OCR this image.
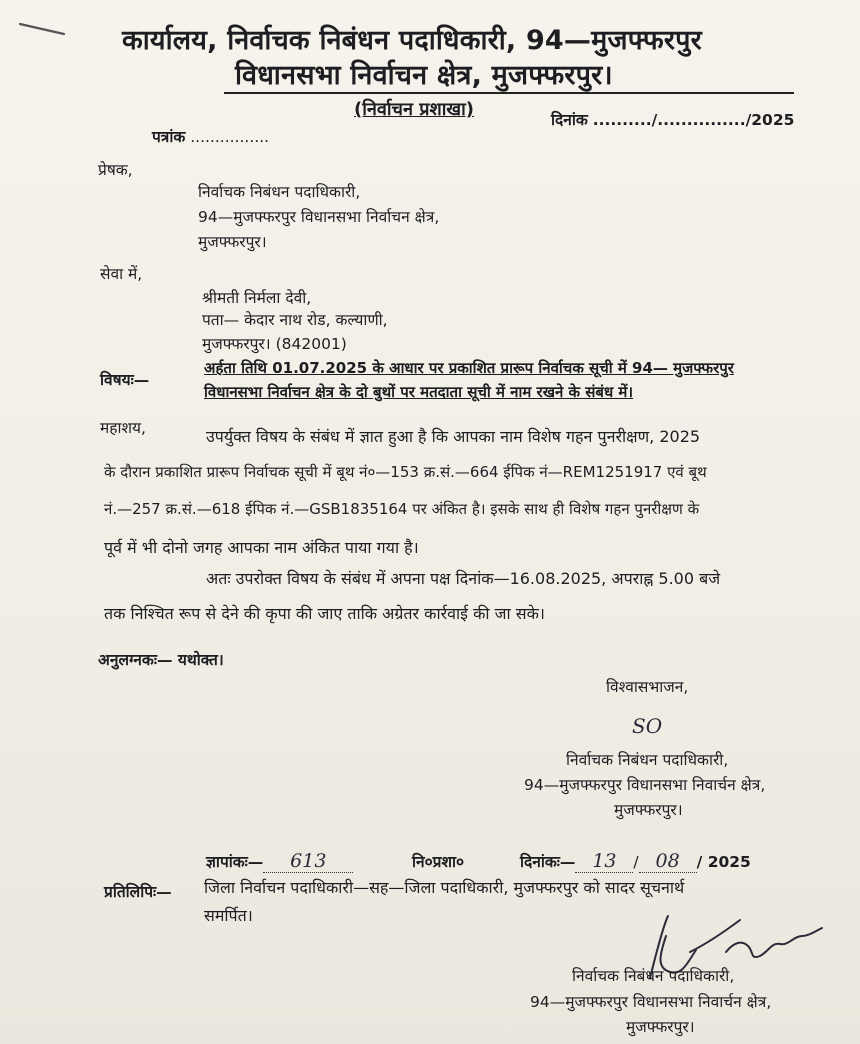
कार्यालय, निर्वाचक निबंधन पदाधिकारी, 94—मुजफ्फरपुर
विधानसभा निर्वाचन क्षेत्र, मुजफ्फरपुर।
(निर्वाचन प्रशाखा)
पत्रांक ................
दिनांक ........../.............../2025
प्रेषक,
निर्वाचक निबंधन पदाधिकारी,
94—मुजफ्फरपुर विधानसभा निर्वाचन क्षेत्र,
मुजफ्फरपुर।
सेवा में,
श्रीमती निर्मला देवी,
पता— केदार नाथ रोड, कल्याणी,
मुजफ्फरपुर। (842001)
विषयः—
अर्हता तिथि 01.07.2025 के आधार पर प्रकाशित प्रारूप निर्वाचक सूची में 94— मुजफ्फरपुर
विधानसभा निर्वाचन क्षेत्र के दो बुथों पर मतदाता सूची में नाम रखने के संबंध में।
महाशय,	उपर्युक्त विषय के संबंध में ज्ञात हुआ है कि आपका नाम विशेष गहन पुनरीक्षण, 2025
के दौरान प्रकाशित प्रारूप निर्वाचक सूची में बूथ नं०—153 क्र.सं.—664 ईपिक नं—REM1251917 एवं बूथ
नं.—257 क्र.सं.—618 ईपिक नं.—GSB1835164 पर अंकित है। इसके साथ ही विशेष गहन पुनरीक्षण के
पूर्व में भी दोनो जगह आपका नाम अंकित पाया गया है।
अतः उपरोक्त विषय के संबंध में अपना पक्ष दिनांक—16.08.2025, अपराह्न 5.00 बजे
तक निश्चित रूप से देने की कृपा की जाए ताकि अग्रेतर कार्रवाई की जा सके।
अनुलग्नकः— यथोक्त।
विश्वासभाजन,
SO
निर्वाचक निबंधन पदाधिकारी,
94—मुजफ्फरपुर विधानसभा निवार्चन क्षेत्र,
मुजफ्फरपुर।
ज्ञापांकः— 613	नि०प्रशा०	दिनांकः— 13 / 08 / 2025
प्रतिलिपिः— जिला निर्वाचन पदाधिकारी—सह—जिला पदाधिकारी, मुजफ्फरपुर को सादर सूचनार्थ
समर्पित।
निर्वाचक निबंधन पदाधिकारी,
94—मुजफ्फरपुर विधानसभा निवार्चन क्षेत्र,
मुजफ्फरपुर।
